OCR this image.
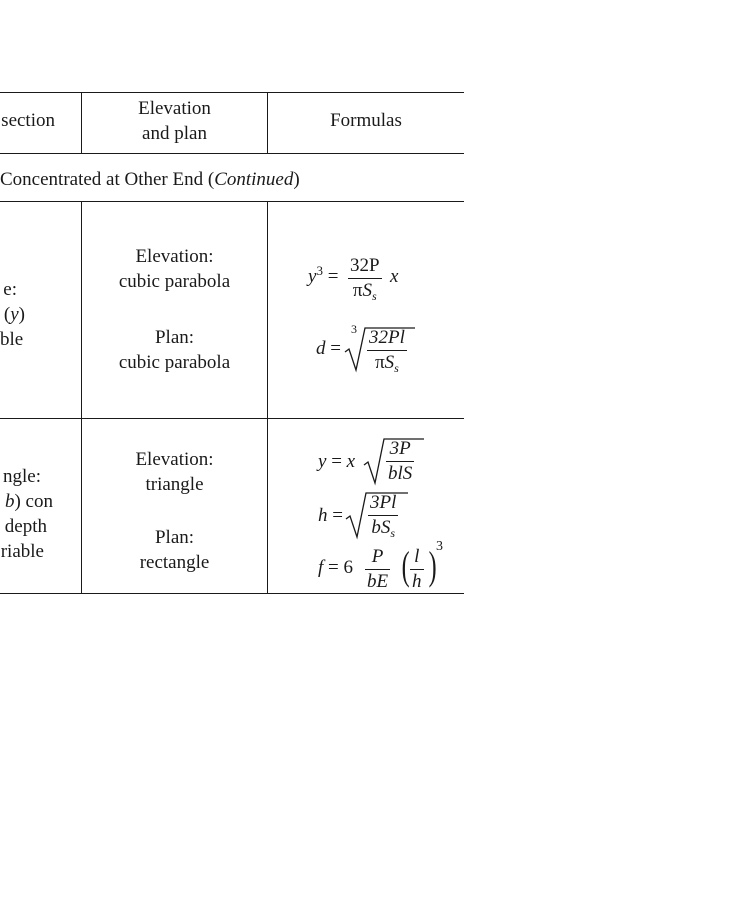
section
Elevation
and plan
Formulas
Concentrated at Other End (Continued)
e:
(y)
ble
Elevation:
cubic parabola
Plan:
cubic parabola
$y^3$ =
32P
$\pi S_s$
x
d =
3 32Pl
$\pi S_s$
ngle:
b) con
depth
riable
Elevation:
triangle
Plan:
rectangle
y = x
3P
blS
h =
3Pl
$bS_s$
$f = 6 \frac{P}{bE}$ ( $\frac{l}{h}$ ) 3
